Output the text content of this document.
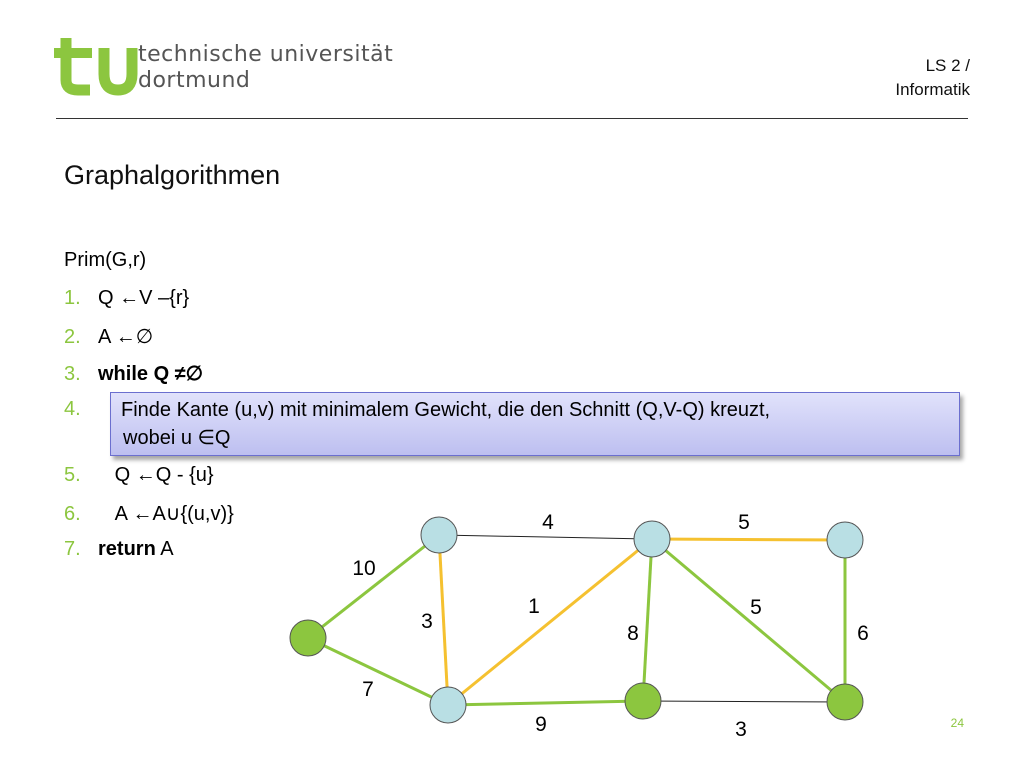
technische universität
dortmund
LS 2 /
Informatik
Graphalgorithmen
Prim(G,r)
1. Q ←V –{r}
2. A ←∅
3. while Q ≠∅
4.
5. Q ←Q - {u}
6. A ←A∪{(u,v)}
7. return A
Finde Kante (u,v) mit minimalem Gewicht, die den Schnitt (Q,V-Q) kreuzt,
wobei u ∈Q
4	5
10
3
1
8
5
6
7
9	3	24
